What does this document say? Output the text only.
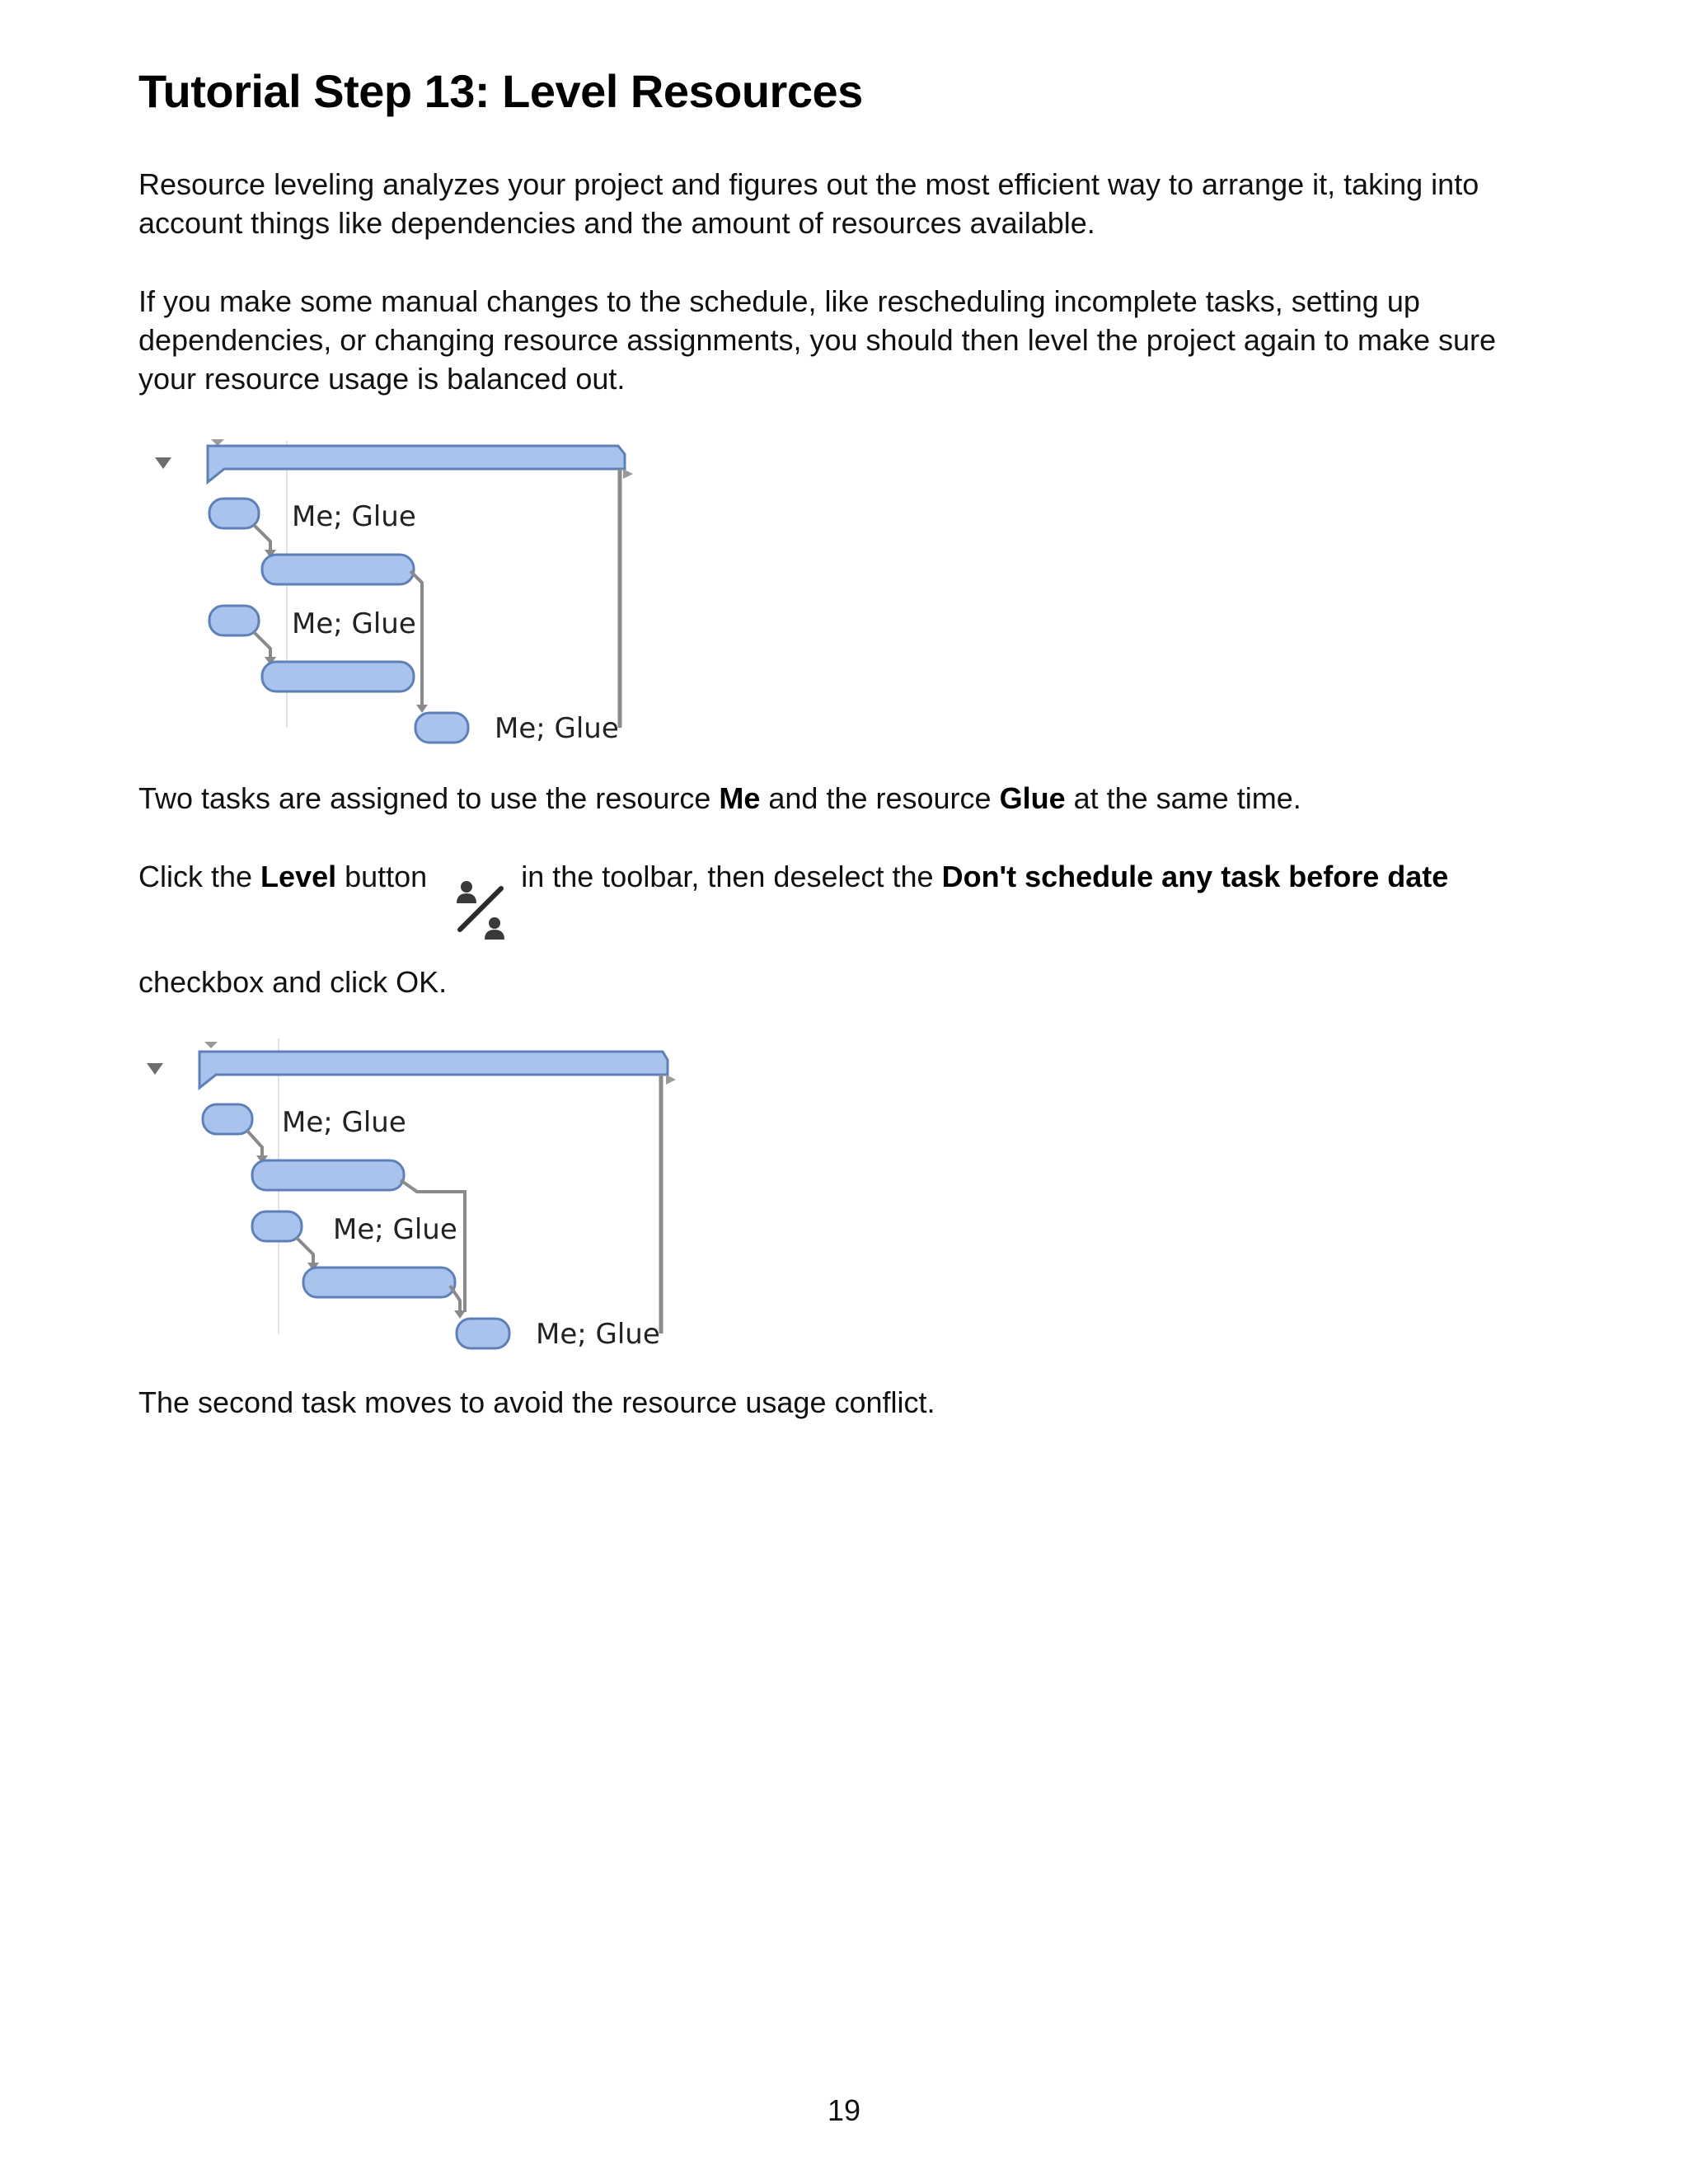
Tutorial Step 13: Level Resources

Resource leveling analyzes your project and figures out the most efficient way to arrange it, taking into account things like dependencies and the amount of resources available.

If you make some manual changes to the schedule, like rescheduling incomplete tasks, setting up dependencies, or changing resource assignments, you should then level the project again to make sure your resource usage is balanced out.

Me; Glue
Me; Glue
Me; Glue

Two tasks are assigned to use the resource Me and the resource Glue at the same time.

Click the Level button	in the toolbar, then deselect the Don't schedule any task before date

checkbox and click OK.

Me; Glue
Me; Glue
Me; Glue

The second task moves to avoid the resource usage conflict.

19
